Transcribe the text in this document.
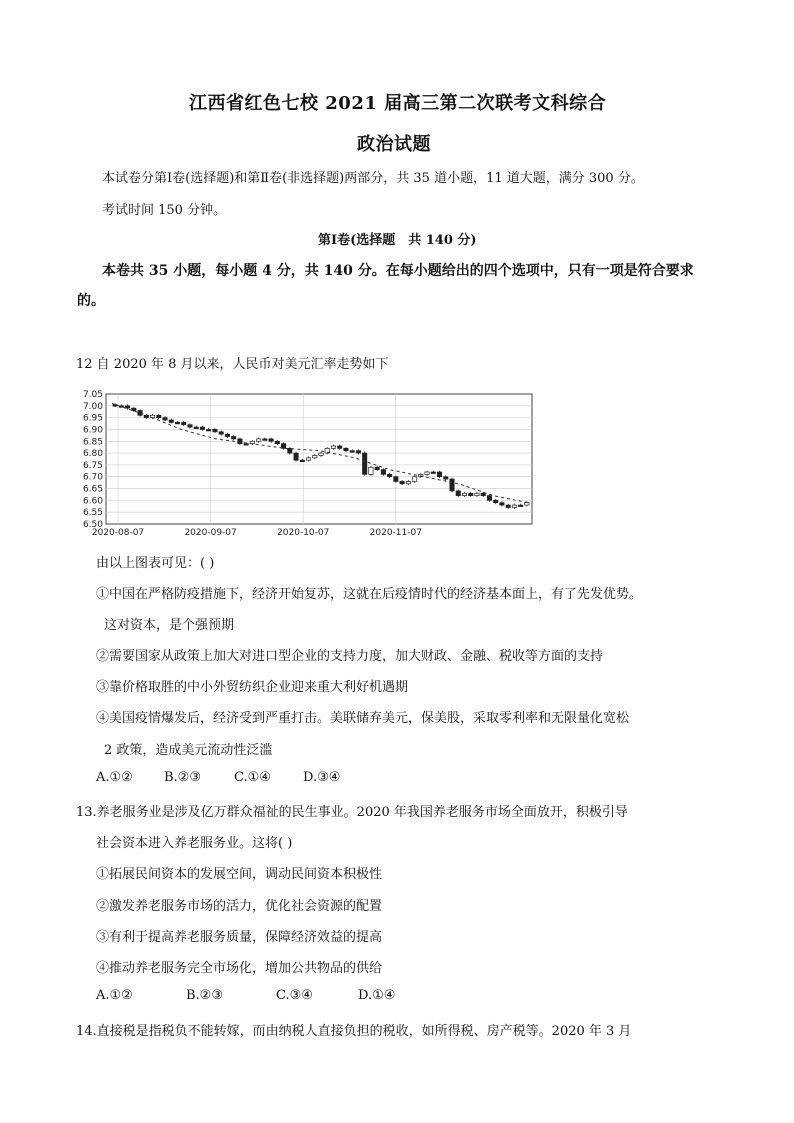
江西省红色七校 2021 届高三第二次联考文科综合
政治试题
本试卷分第Ⅰ卷(选择题)和第Ⅱ卷(非选择题)两部分，共 35 道小题，11 道大题，满分 300 分。
考试时间 150 分钟。
第Ⅰ卷(选择题　共 140 分)
本卷共 35 小题，每小题 4 分，共 140 分。在每小题给出的四个选项中，只有一项是符合要求
的。
12 自 2020 年 8 月以来，人民币对美元汇率走势如下
7.05
7.00
6.95
6.90
6.85
6.80
6.75
6.70
6.65
6.60
6.55
6.50
2020-08-07	2020-09-07	2020-10-07	2020-11-07
由以上图表可见：( )
①中国在严格防疫措施下，经济开始复苏，这就在后疫情时代的经济基本面上，有了先发优势。
这对资本，是个强预期
②需要国家从政策上加大对进口型企业的支持力度，加大财政、金融、税收等方面的支持
③靠价格取胜的中小外贸纺织企业迎来重大利好机遇期
④美国疫情爆发后，经济受到严重打击。美联储弃美元，保美股，采取零利率和无限量化宽松
2 政策，造成美元流动性泛滥
A.①② B.②③	C.①④ D.③④
13.养老服务业是涉及亿万群众福祉的民生事业。2020 年我国养老服务市场全面放开，积极引导
社会资本进入养老服务业。这将( )
①拓展民间资本的发展空间，调动民间资本积极性
②激发养老服务市场的活力，优化社会资源的配置
③有利于提高养老服务质量，保障经济效益的提高
④推动养老服务完全市场化，增加公共物品的供给
A.①②	B.②③	C.③④	D.①④
14.直接税是指税负不能转嫁，而由纳税人直接负担的税收，如所得税、房产税等。2020 年 3 月
